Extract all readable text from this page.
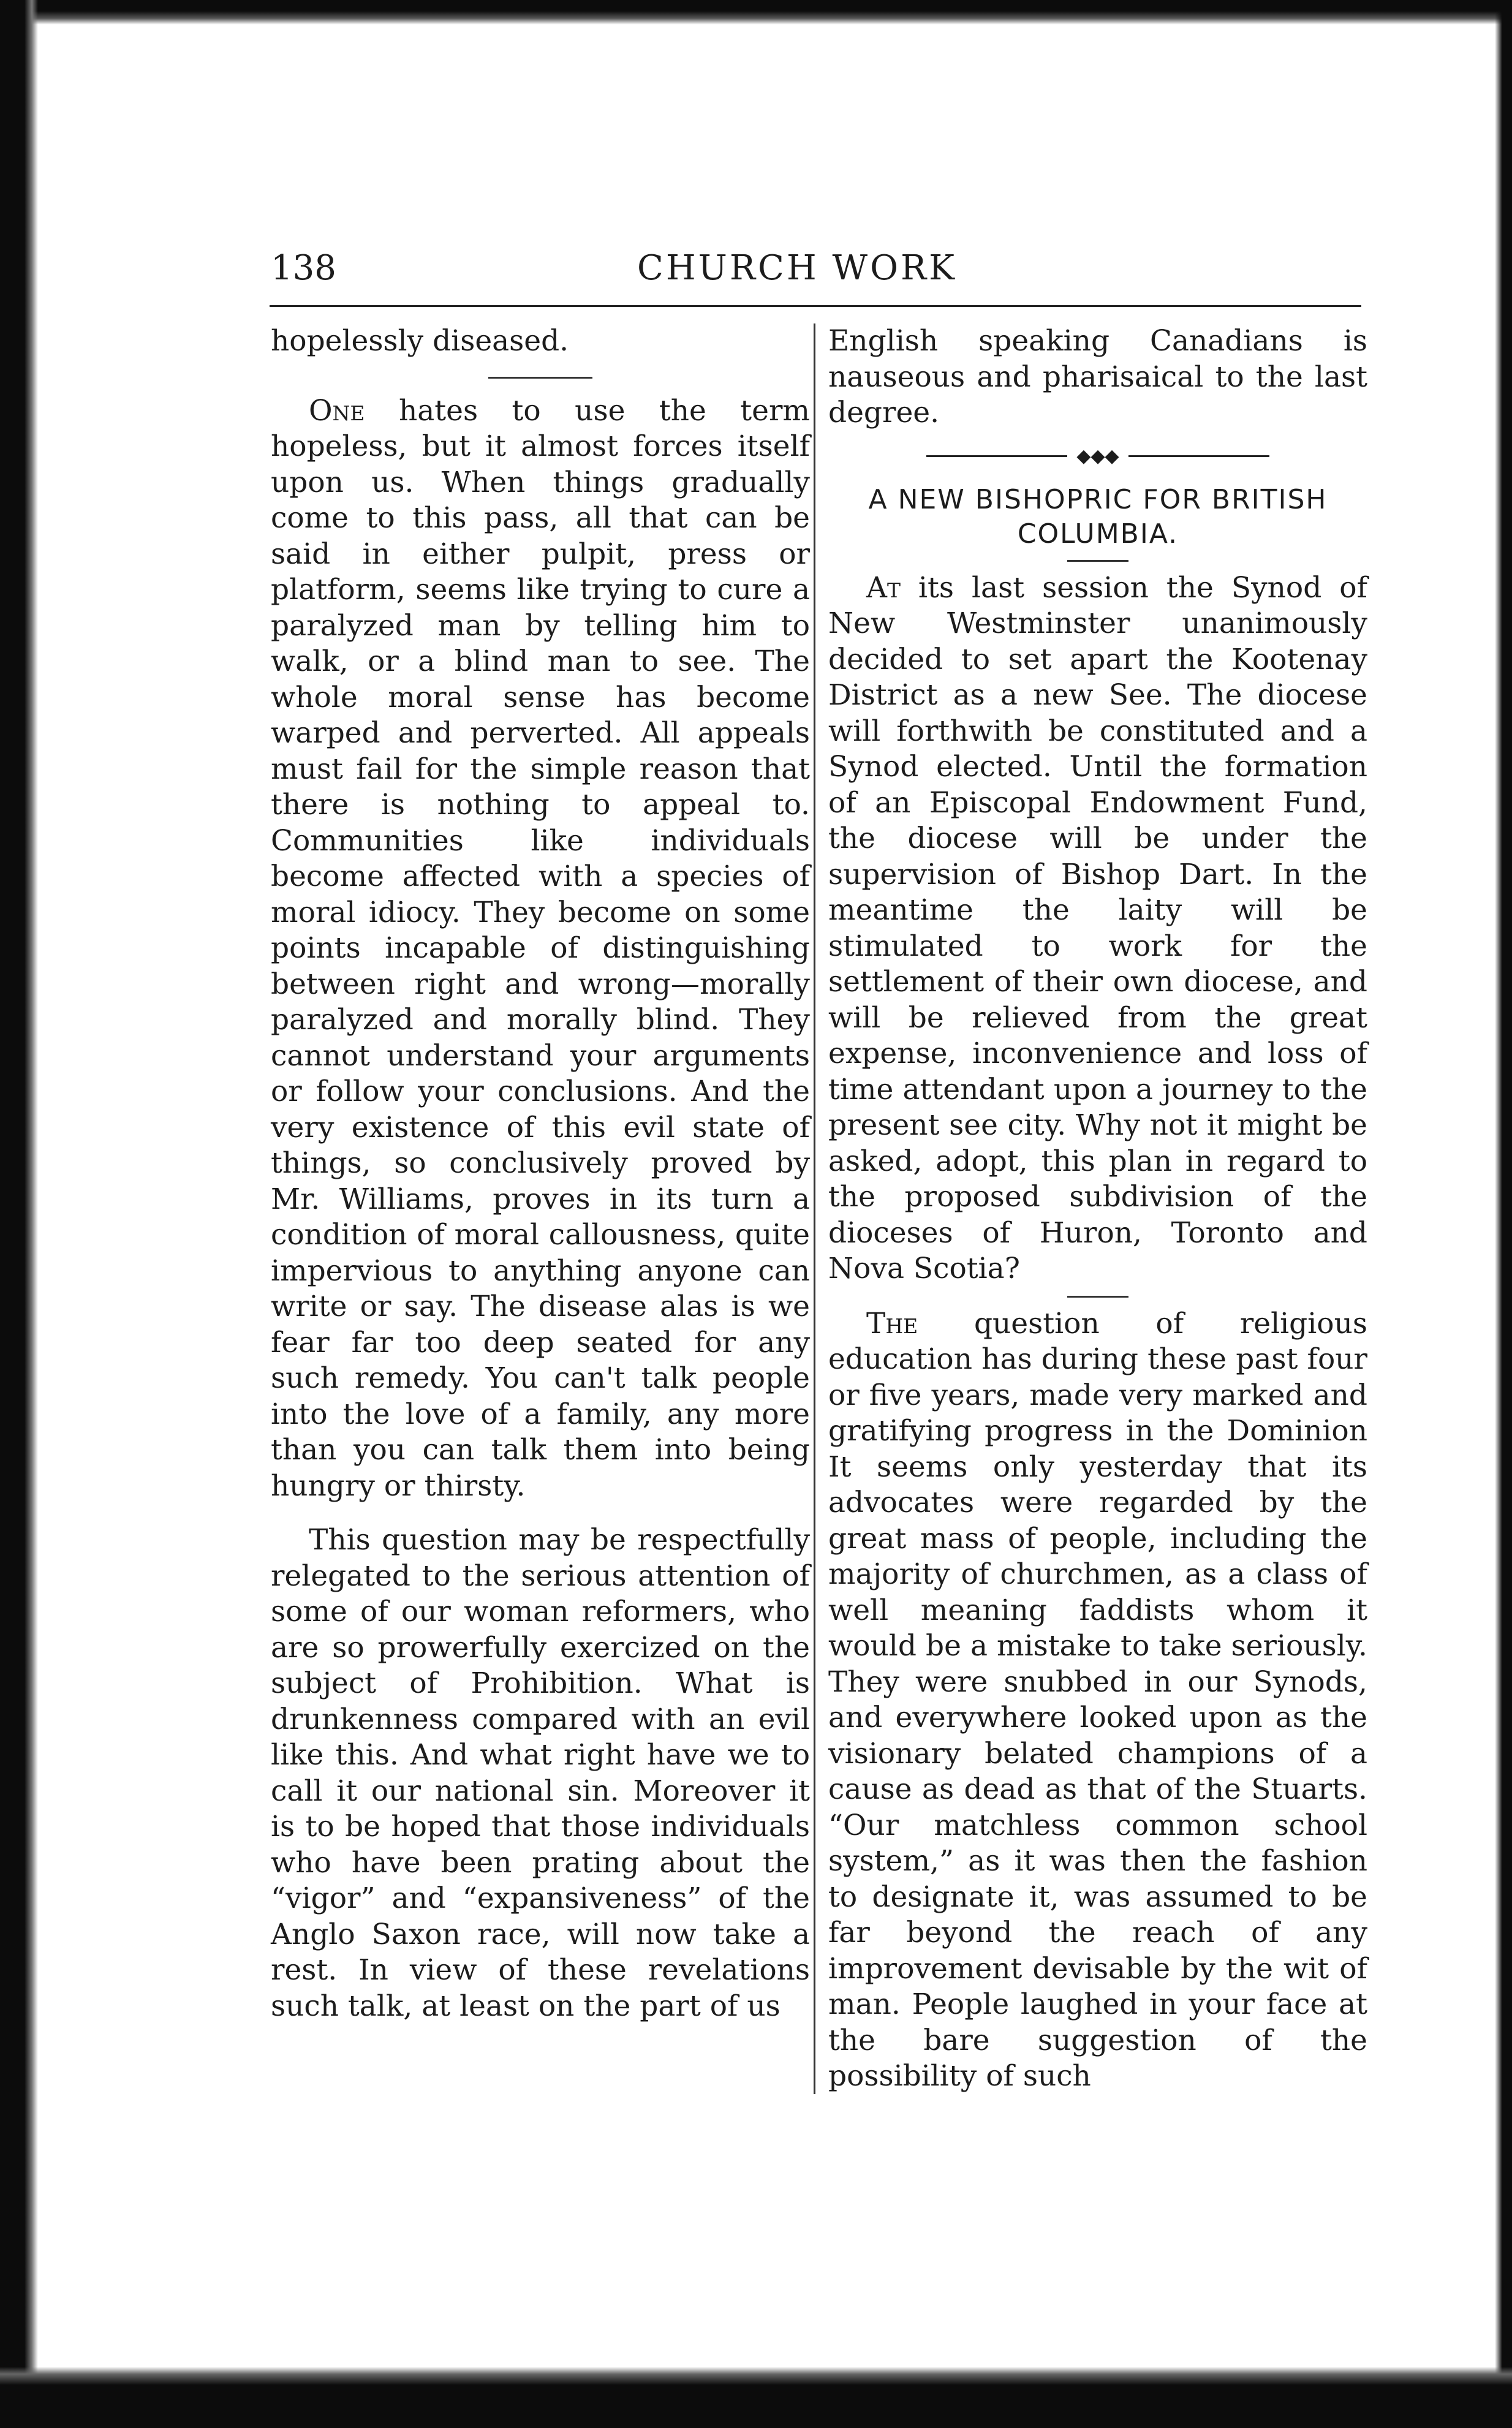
138	CHURCH WORK

hopelessly diseased.

One hates to use the term hopeless, but it almost forces itself upon us. When things gradually come to this pass, all that can be said in either pulpit, press or platform, seems like trying to cure a paralyzed man by telling him to walk, or a blind man to see. The whole moral sense has become warped and perverted. All appeals must fail for the simple reason that there is nothing to appeal to. Communities like individuals become affected with a species of moral idiocy. They become on some points incapable of distinguishing between right and wrong—morally paralyzed and morally blind. They cannot understand your arguments or follow your conclusions. And the very existence of this evil state of things, so conclusively proved by Mr. Williams, proves in its turn a condition of moral callousness, quite impervious to anything anyone can write or say. The disease alas is we fear far too deep seated for any such remedy. You can't talk people into the love of a family, any more than you can talk them into being hungry or thirsty.

This question may be respectfully relegated to the serious attention of some of our woman reformers, who are so prowerfully exercized on the subject of Prohibition. What is drunkenness compared with an evil like this. And what right have we to call it our national sin. Moreover it is to be hoped that those individuals who have been prating about the “vigor” and “expansiveness” of the Anglo Saxon race, will now take a rest. In view of these revelations such talk, at least on the part of us

English speaking Canadians is nauseous and pharisaical to the last degree.

◆◆◆
A NEW BISHOPRIC FOR BRITISH COLUMBIA.

At its last session the Synod of New Westminster unanimously decided to set apart the Kootenay District as a new See. The diocese will forthwith be constituted and a Synod elected. Until the formation of an Episcopal Endowment Fund, the diocese will be under the supervision of Bishop Dart. In the meantime the laity will be stimulated to work for the settlement of their own diocese, and will be relieved from the great expense, inconvenience and loss of time attendant upon a journey to the present see city. Why not it might be asked, adopt, this plan in regard to the proposed subdivision of the dioceses of Huron, Toronto and Nova Scotia?

The question of religious education has during these past four or five years, made very marked and gratifying progress in the Dominion It seems only yesterday that its advocates were regarded by the great mass of people, including the majority of churchmen, as a class of well meaning faddists whom it would be a mistake to take seriously. They were snubbed in our Synods, and everywhere looked upon as the visionary belated champions of a cause as dead as that of the Stuarts. “Our matchless common school system,” as it was then the fashion to designate it, was assumed to be far beyond the reach of any improvement devisable by the wit of man. People laughed in your face at the bare suggestion of the possibility of such
